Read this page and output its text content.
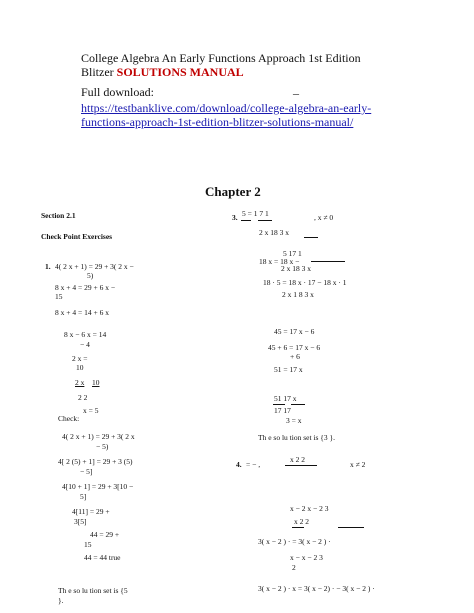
College Algebra An Early Functions Approach 1st Edition
Blitzer SOLUTIONS MANUAL
Full download:	_
https://testbanklive.com/download/college-algebra-an-early-
functions-approach-1st-edition-blitzer-solutions-manual/
Chapter 2
Section 2.1
Check Point Exercises
1. 4( 2 x + 1) = 29 + 3( 2 x −
5)
8 x + 4 = 29 + 6 x −
15
8 x + 4 = 14 + 6 x
8 x − 6 x = 14
− 4
2 x =
10
2 x 10
2 2
x = 5
Check:
4( 2 x + 1) = 29 + 3( 2 x
− 5)
4[ 2 (5) + 1] = 29 + 3 (5)
− 5]
4[10 + 1] = 29 + 3[10 −
5]
4[11] = 29 +
3[5]
44 = 29 +
15
44 = 44 true
Th e so lu tion set is {5
}.
3. 5 = 1 7 1	, x ≠ 0
2 x 18 3 x
5 17 1
18 x = 18 x −
2 x 18 3 x
18 · 5 = 18 x · 17 − 18 x · 1
2 x 1 8 3 x
45 = 17 x − 6
45 + 6 = 17 x − 6
+ 6
51 = 17 x
51 17 x
17 17
3 = x
Th e so lu tion set is {3 }.
4. = − ,
x 2 2
x ≠ 2
x − 2 x − 2 3
x 2 2
3( x − 2 ) · = 3( x − 2 ) ·
x − x − 2 3
2
3( x − 2 ) · x = 3( x − 2) · − 3( x − 2 ) ·
